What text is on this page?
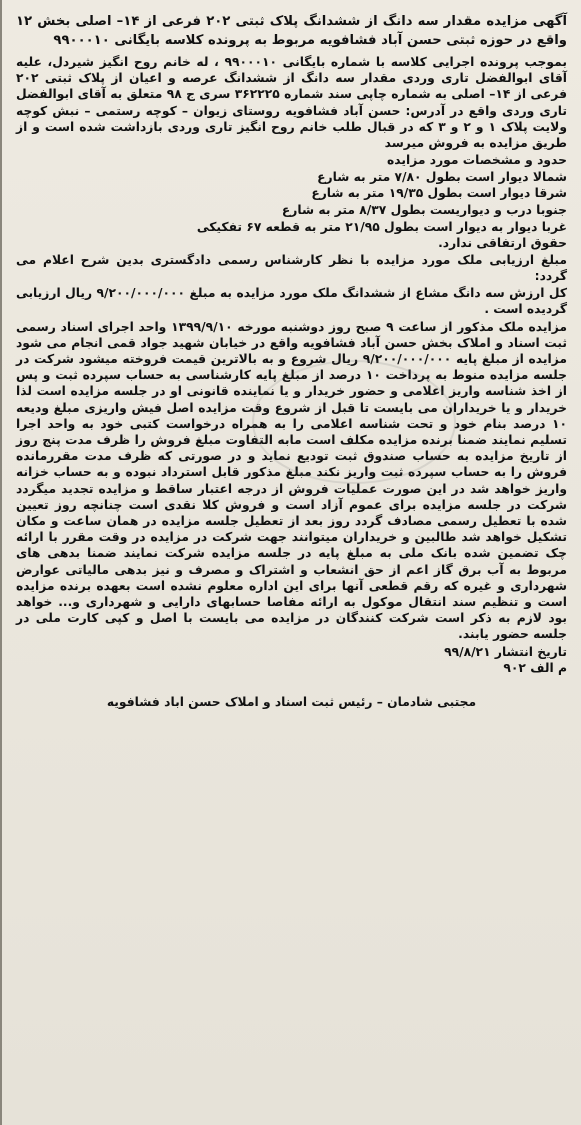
آگهی مزایده مقدار سه دانگ از ششدانگ پلاک ثبتی ۲۰۲ فرعی از ۱۴– اصلی بخش ۱۲ واقع در حوزه ثبتی حسن آباد فشافویه مربوط به پرونده کلاسه بایگانی ۹۹۰۰۰۱۰

بموجب پرونده اجرایی کلاسه با شماره بایگانی ۹۹۰۰۰۱۰ ، له خانم روح انگیز شیردل، علیه آقای ابوالفضل تاری وردی مقدار سه دانگ از ششدانگ عرصه و اعیان از پلاک ثبتی ۲۰۲ فرعی از ۱۴– اصلی به شماره چاپی سند شماره ۳۶۲۲۲۵ سری ج ۹۸ متعلق به آقای ابوالفضل تاری وردی واقع در آدرس: حسن آباد فشافویه روستای زیوان – کوچه رستمی – نبش کوچه ولایت پلاک ۱ و ۲ و ۳ که در قبال طلب خانم روح انگیز تاری وردی بازداشت شده است و از طریق مزایده به فروش میرسد

حدود و مشخصات مورد مزایده

شمالا دیوار است بطول ۷/۸۰ متر به شارع

شرقا دیوار است بطول ۱۹/۳۵ متر به شارع

جنوبا درب و دیواریست بطول ۸/۳۷ متر به شارع

غربا دیوار به دیوار است بطول ۲۱/۹۵ متر به قطعه ۶۷ تفکیکی

حقوق ارتفاقی ندارد.

مبلغ ارزیابی ملک مورد مزایده با نظر کارشناس رسمی دادگستری بدین شرح اعلام می گردد:

کل ارزش سه دانگ مشاع از ششدانگ ملک مورد مزایده به مبلغ ۹/۲۰۰/۰۰۰/۰۰۰ ریال ارزیابی گردیده است .

مزایده ملک مذکور از ساعت ۹ صبح روز دوشنبه مورخه ۱۳۹۹/۹/۱۰ واحد اجرای اسناد رسمی ثبت اسناد و املاک بخش حسن آباد فشافویه واقع در خیابان شهید جواد قمی انجام می شود مزایده از مبلغ پایه ۹/۲۰۰/۰۰۰/۰۰۰ ریال شروع و به بالاترین قیمت فروخته میشود شرکت در جلسه مزایده منوط به پرداخت ۱۰ درصد از مبلغ پایه کارشناسی به حساب سپرده ثبت و پس از اخذ شناسه واریز اعلامی و حضور خریدار و یا نماینده قانونی او در جلسه مزایده است لذا خریدار و یا خریداران می بایست تا قبل از شروع وقت مزایده اصل فیش واریزی مبلغ ودیعه ۱۰ درصد بنام خود و تحت شناسه اعلامی را به همراه درخواست کتبی خود به واحد اجرا تسلیم نمایند ضمنا برنده مزایده مکلف است مابه التفاوت مبلغ فروش را ظرف مدت پنج روز از تاریخ مزایده به حساب صندوق ثبت تودیع نماید و در صورتی که ظرف مدت مقررمانده فروش را به حساب سپرده ثبت واریز نکند مبلغ مذکور قابل استرداد نبوده و به حساب خزانه واریز خواهد شد در این صورت عملیات فروش از درجه اعتبار ساقط و مزایده تجدید میگردد شرکت در جلسه مزایده برای عموم آزاد است و فروش کلا نقدی است چنانچه روز تعیین شده با تعطیل رسمی مصادف گردد روز بعد از تعطیل جلسه مزایده در همان ساعت و مکان تشکیل خواهد شد طالبین و خریداران میتوانند جهت شرکت در مزایده در وقت مقرر با ارائه چک تضمین شده بانک ملی به مبلغ پایه در جلسه مزایده شرکت نمایند ضمنا بدهی های مربوط به آب برق گاز اعم از حق انشعاب و اشتراک و مصرف و نیز بدهی مالیاتی عوارض شهرداری و غیره که رقم قطعی آنها برای این اداره معلوم نشده است بعهده برنده مزایده است و تنظیم سند انتقال موکول به ارائه مفاصا حسابهای دارایی و شهرداری و... خواهد بود لازم به ذکر است شرکت کنندگان در مزایده می بایست با اصل و کپی کارت ملی در جلسه حضور یابند.

تاریخ انتشار ۹۹/۸/۲۱

م الف ۹۰۲

مجتبی شادمان – رئیس ثبت اسناد و املاک حسن اباد فشافویه
